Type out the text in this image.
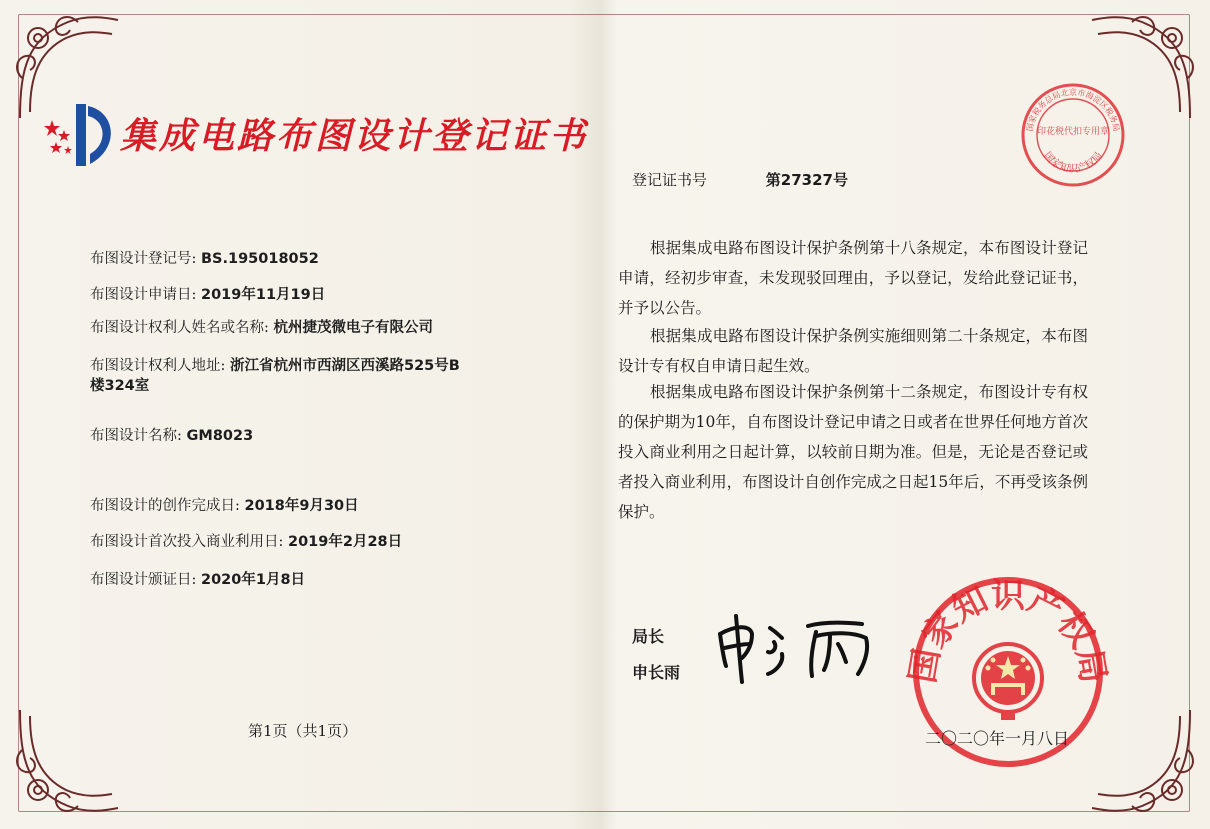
集成电路布图设计登记证书
布图设计登记号: BS.195018052
布图设计申请日: 2019年11月19日
布图设计权利人姓名或名称: 杭州捷茂微电子有限公司
布图设计权利人地址: 浙江省杭州市西湖区西溪路525号B楼324室
布图设计名称: GM8023
布图设计的创作完成日: 2018年9月30日
布图设计首次投入商业利用日: 2019年2月28日
布图设计颁证日: 2020年1月8日
第1页（共1页）
登记证书号	第27327号
根据集成电路布图设计保护条例第十八条规定，本布图设计登记申请，经初步审查，未发现驳回理由，予以登记，发给此登记证书，并予以公告。
根据集成电路布图设计保护条例实施细则第二十条规定，本布图设计专有权自申请日起生效。
根据集成电路布图设计保护条例第十二条规定，布图设计专有权的保护期为10年，自布图设计登记申请之日或者在世界任何地方首次投入商业利用之日起计算，以较前日期为准。但是，无论是否登记或者投入商业利用，布图设计自创作完成之日起15年后，不再受该条例保护。
局长
申长雨
国家税务总局北京市海淀区税务局
印花税代扣专用章
国家知识产权局
国家知识产权局
二〇二〇年一月八日
